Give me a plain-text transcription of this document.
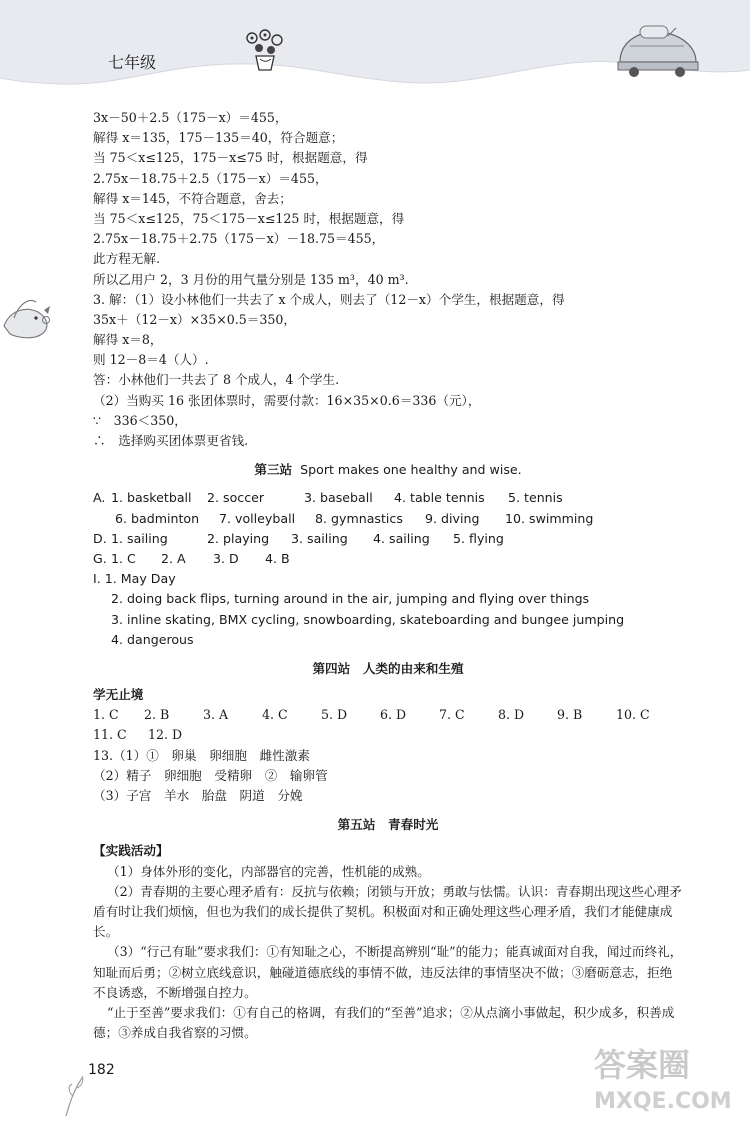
七年级
3x－50＋2.5（175－x）＝455，
解得 x＝135，175－135＝40，符合题意；
当 75＜x≤125，175－x≤75 时，根据题意，得
2.75x－18.75＋2.5（175－x）＝455，
解得 x＝145，不符合题意，舍去；
当 75＜x≤125，75＜175－x≤125 时，根据题意，得
2.75x－18.75＋2.75（175－x）－18.75＝455，
此方程无解.
所以乙用户 2，3 月份的用气量分别是 135 m³，40 m³.
3. 解：（1）设小林他们一共去了 x 个成人，则去了（12－x）个学生，根据题意，得
35x＋（12－x）×35×0.5＝350，
解得 x＝8，
则 12－8＝4（人）.
答：小林他们一共去了 8 个成人，4 个学生.
（2）当购买 16 张团体票时，需要付款：16×35×0.6＝336（元），
∵　336＜350，
∴　选择购买团体票更省钱.
第三站 Sport makes one healthy and wise.
A. 1. basketball	2. soccer	3. baseball	4. table tennis	5. tennis
6. badminton	7. volleyball	8. gymnastics	9. diving	10. swimming
D. 1. sailing	2. playing	3. sailing	4. sailing	5. flying
G. 1. C	2. A	3. D	4. B
I. 1. May Day
2. doing back flips, turning around in the air, jumping and flying over things
3. inline skating, BMX cycling, snowboarding, skateboarding and bungee jumping
4. dangerous
第四站　人类的由来和生殖
学无止境
1. C	2. B	3. A	4. C	5. D	6. D	7. C	8. D	9. B	10. C
11. C	12. D
13.（1）①　卵巢　卵细胞　雌性激素
（2）精子　卵细胞　受精卵　②　输卵管
（3）子宫　羊水　胎盘　阴道　分娩
第五站　青春时光
【实践活动】
（1）身体外形的变化，内部器官的完善，性机能的成熟。
（2）青春期的主要心理矛盾有：反抗与依赖；闭锁与开放；勇敢与怯懦。认识：青春期出现这些心理矛盾有时让我们烦恼，但也为我们的成长提供了契机。积极面对和正确处理这些心理矛盾，我们才能健康成长。
（3）“行己有耻”要求我们：①有知耻之心，不断提高辨别“耻”的能力；能真诚面对自我，闻过而终礼，知耻而后勇；②树立底线意识，触碰道德底线的事情不做，违反法律的事情坚决不做；③磨砺意志，拒绝不良诱惑，不断增强自控力。
“止于至善”要求我们：①有自己的格调，有我们的“至善”追求；②从点滴小事做起，积少成多，积善成德；③养成自我省察的习惯。
182	答案圈
MXQE.COM
